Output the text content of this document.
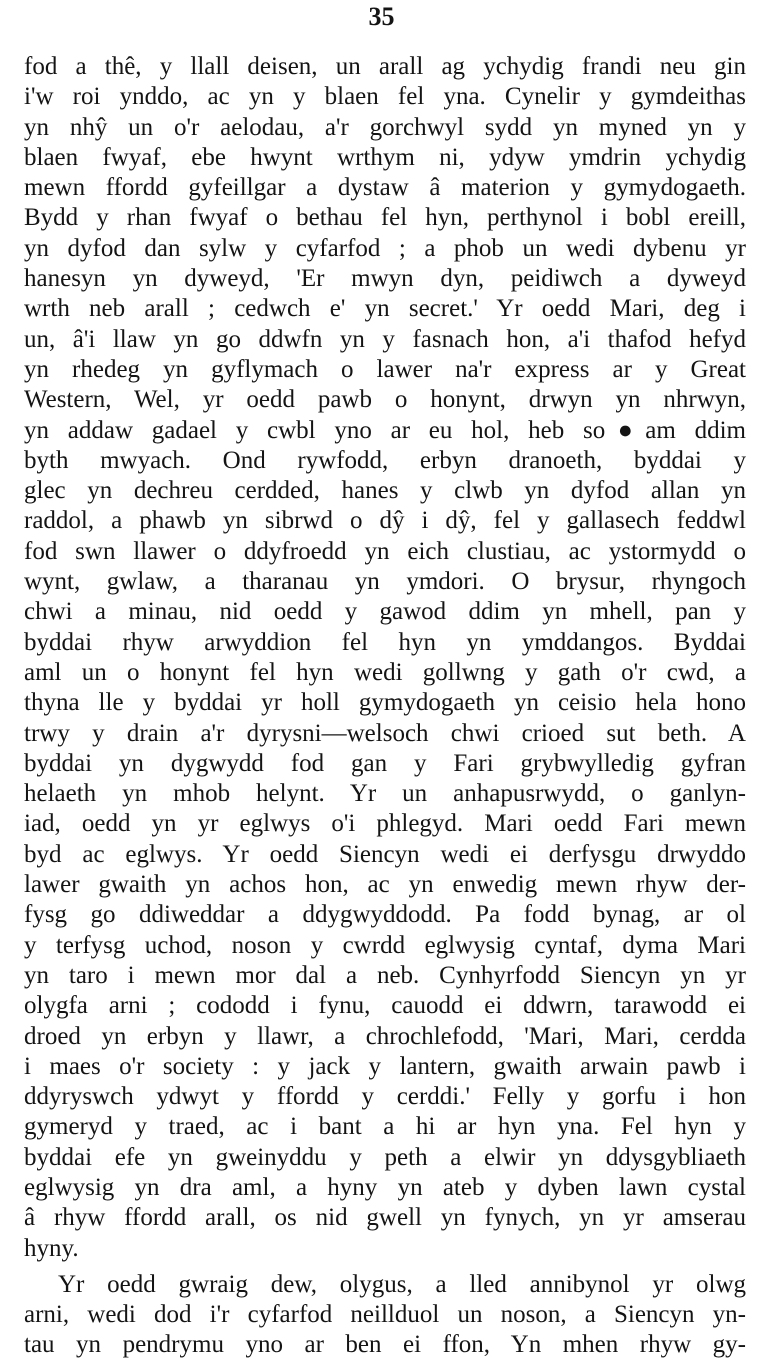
35
fod a thê, y llall deisen, un arall ag ychydig frandi neu gin
i'w roi ynddo, ac yn y blaen fel yna. Cynelir y gymdeithas
yn nhŷ un o'r aelodau, a'r gorchwyl sydd yn myned yn y
blaen fwyaf, ebe hwynt wrthym ni, ydyw ymdrin ychydig
mewn ffordd gyfeillgar a dystaw â materion y gymydogaeth.
Bydd y rhan fwyaf o bethau fel hyn, perthynol i bobl ereill,
yn dyfod dan sylw y cyfarfod ; a phob un wedi dybenu yr
hanesyn yn dyweyd, 'Er mwyn dyn, peidiwch a dyweyd
wrth neb arall ; cedwch e' yn secret.' Yr oedd Mari, deg i
un, â'i llaw yn go ddwfn yn y fasnach hon, a'i thafod hefyd
yn rhedeg yn gyflymach o lawer na'r express ar y Great
Western, Wel, yr oedd pawb o honynt, drwyn yn nhrwyn,
yn addaw gadael y cwbl yno ar eu hol, heb so●am ddim
byth mwyach. Ond rywfodd, erbyn dranoeth, byddai y
glec yn dechreu cerdded, hanes y clwb yn dyfod allan yn
raddol, a phawb yn sibrwd o dŷ i dŷ, fel y gallasech feddwl
fod swn llawer o ddyfroedd yn eich clustiau, ac ystormydd o
wynt, gwlaw, a tharanau yn ymdori. O brysur, rhyngoch
chwi a minau, nid oedd y gawod ddim yn mhell, pan y
byddai rhyw arwyddion fel hyn yn ymddangos. Byddai
aml un o honynt fel hyn wedi gollwng y gath o'r cwd, a
thyna lle y byddai yr holl gymydogaeth yn ceisio hela hono
trwy y drain a'r dyrysni—welsoch chwi crioed sut beth. A
byddai yn dygwydd fod gan y Fari grybwylledig gyfran
helaeth yn mhob helynt. Yr un anhapusrwydd, o ganlyn-
iad, oedd yn yr eglwys o'i phlegyd. Mari oedd Fari mewn
byd ac eglwys. Yr oedd Siencyn wedi ei derfysgu drwyddo
lawer gwaith yn achos hon, ac yn enwedig mewn rhyw der-
fysg go ddiweddar a ddygwyddodd. Pa fodd bynag, ar ol
y terfysg uchod, noson y cwrdd eglwysig cyntaf, dyma Mari
yn taro i mewn mor dal a neb. Cynhyrfodd Siencyn yn yr
olygfa arni ; cododd i fynu, cauodd ei ddwrn, tarawodd ei
droed yn erbyn y llawr, a chrochlefodd, 'Mari, Mari, cerdda
i maes o'r society : y jack y lantern, gwaith arwain pawb i
ddyryswch ydwyt y ffordd y cerddi.' Felly y gorfu i hon
gymeryd y traed, ac i bant a hi ar hyn yna. Fel hyn y
byddai efe yn gweinyddu y peth a elwir yn ddysgybliaeth
eglwysig yn dra aml, a hyny yn ateb y dyben lawn cystal
â rhyw ffordd arall, os nid gwell yn fynych, yn yr amserau
hyny.
Yr oedd gwraig dew, olygus, a lled annibynol yr olwg
arni, wedi dod i'r cyfarfod neillduol un noson, a Siencyn yn-
tau yn pendrymu yno ar ben ei ffon, Yn mhen rhyw gy-
